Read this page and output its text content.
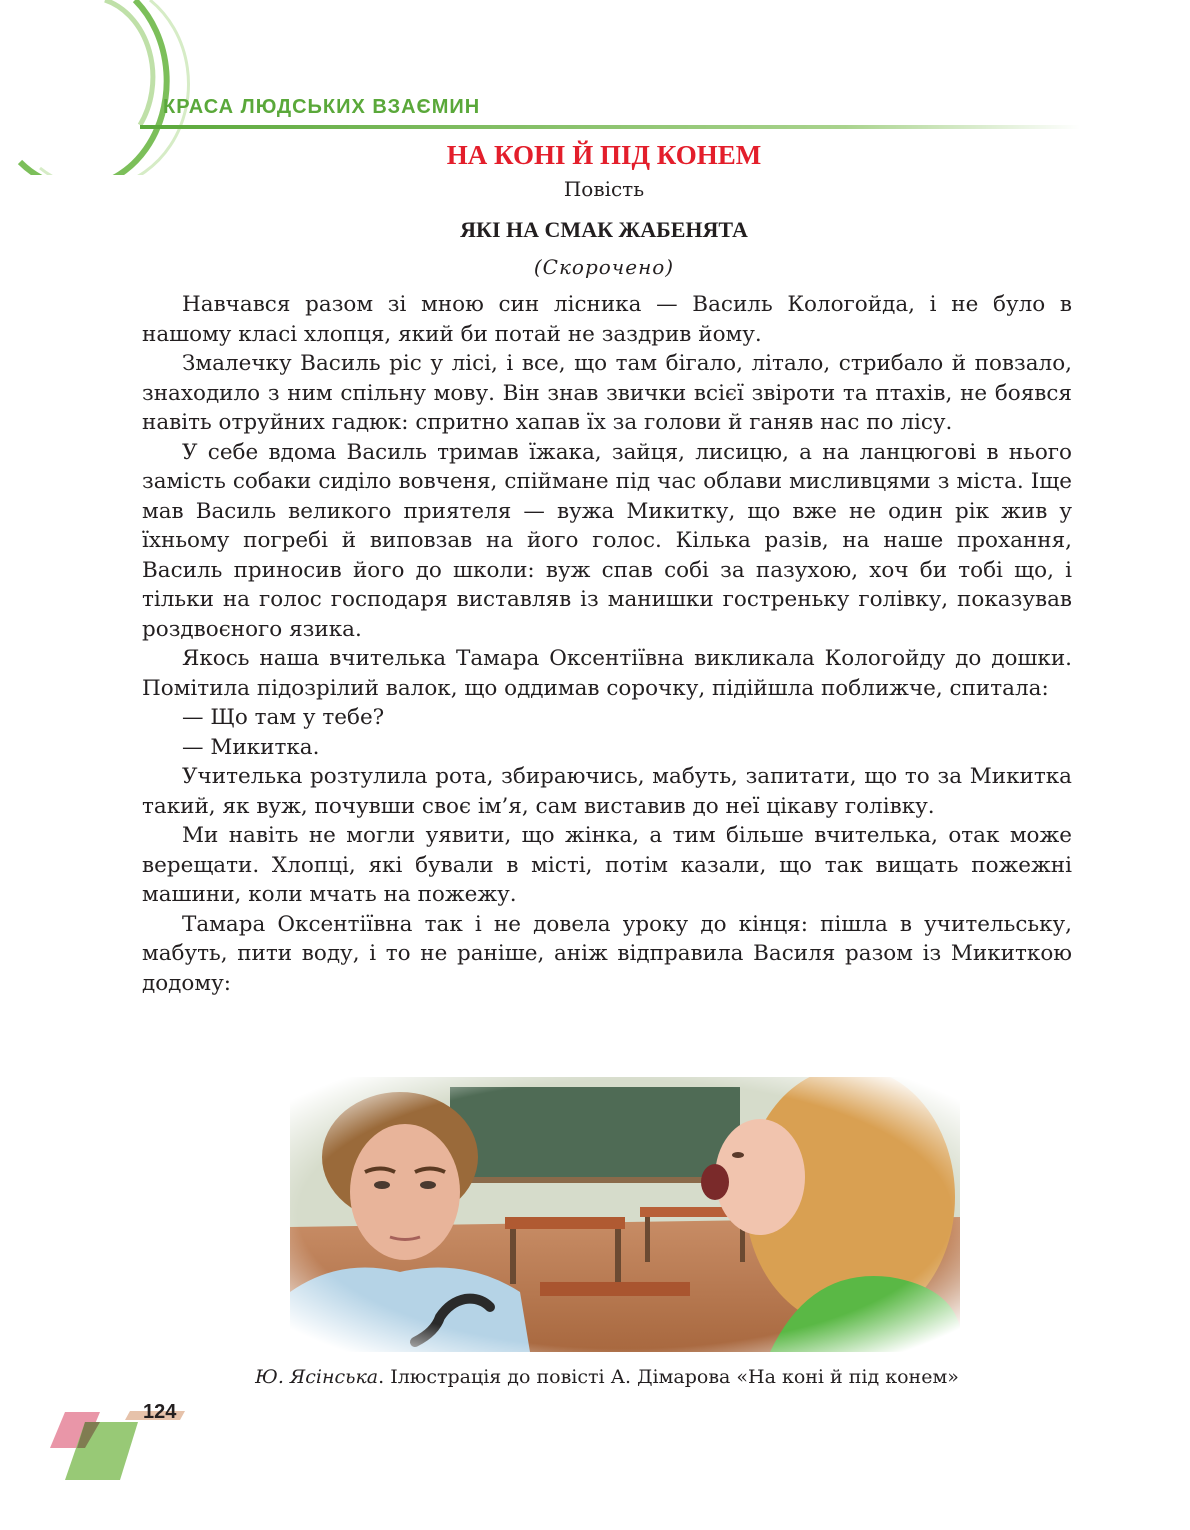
КРАСА ЛЮДСЬКИХ ВЗАЄМИН
НА КОНІ Й ПІД КОНЕМ
Повість
ЯКІ НА СМАК ЖАБЕНЯТА
(Скорочено)

Навчався разом зі мною син лісника — Василь Кологойда, і не було в нашому класі хлопця, який би потай не заздрив йому.

Змалечку Василь ріс у лісі, і все, що там бігало, літало, стрибало й повзало, знаходило з ним спільну мову. Він знав звички всієї звіроти та птахів, не боявся навіть отруйних гадюк: спритно хапав їх за голови й ганяв нас по лісу.

У себе вдома Василь тримав їжака, зайця, лисицю, а на ланцюгові в нього замість собаки сиділо вовченя, спіймане під час облави мисливцями з міста. Іще мав Василь великого приятеля — вужа Микитку, що вже не один рік жив у їхньому погребі й виповзав на його голос. Кілька разів, на наше прохання, Василь приносив його до школи: вуж спав собі за пазухою, хоч би тобі що, і тільки на голос господаря виставляв із манишки гостреньку голівку, показував роздвоєного язика.

Якось наша вчителька Тамара Оксентіївна викликала Кологойду до дошки. Помітила підозрілий валок, що оддимав сорочку, підійшла поближче, спитала:

— Що там у тебе?

— Микитка.

Учителька розтулила рота, збираючись, мабуть, запитати, що то за Микитка такий, як вуж, почувши своє ім’я, сам виставив до неї цікаву голівку.

Ми навіть не могли уявити, що жінка, а тим більше вчителька, отак може верещати. Хлопці, які бували в місті, потім казали, що так вищать пожежні машини, коли мчать на пожежу.

Тамара Оксентіївна так і не довела уроку до кінця: пішла в учительську, мабуть, пити воду, і то не раніше, аніж відправила Василя разом із Микиткою додому:

Ю. Ясінська. Ілюстрація до повісті А. Дімарова «На коні й під конем»
124
